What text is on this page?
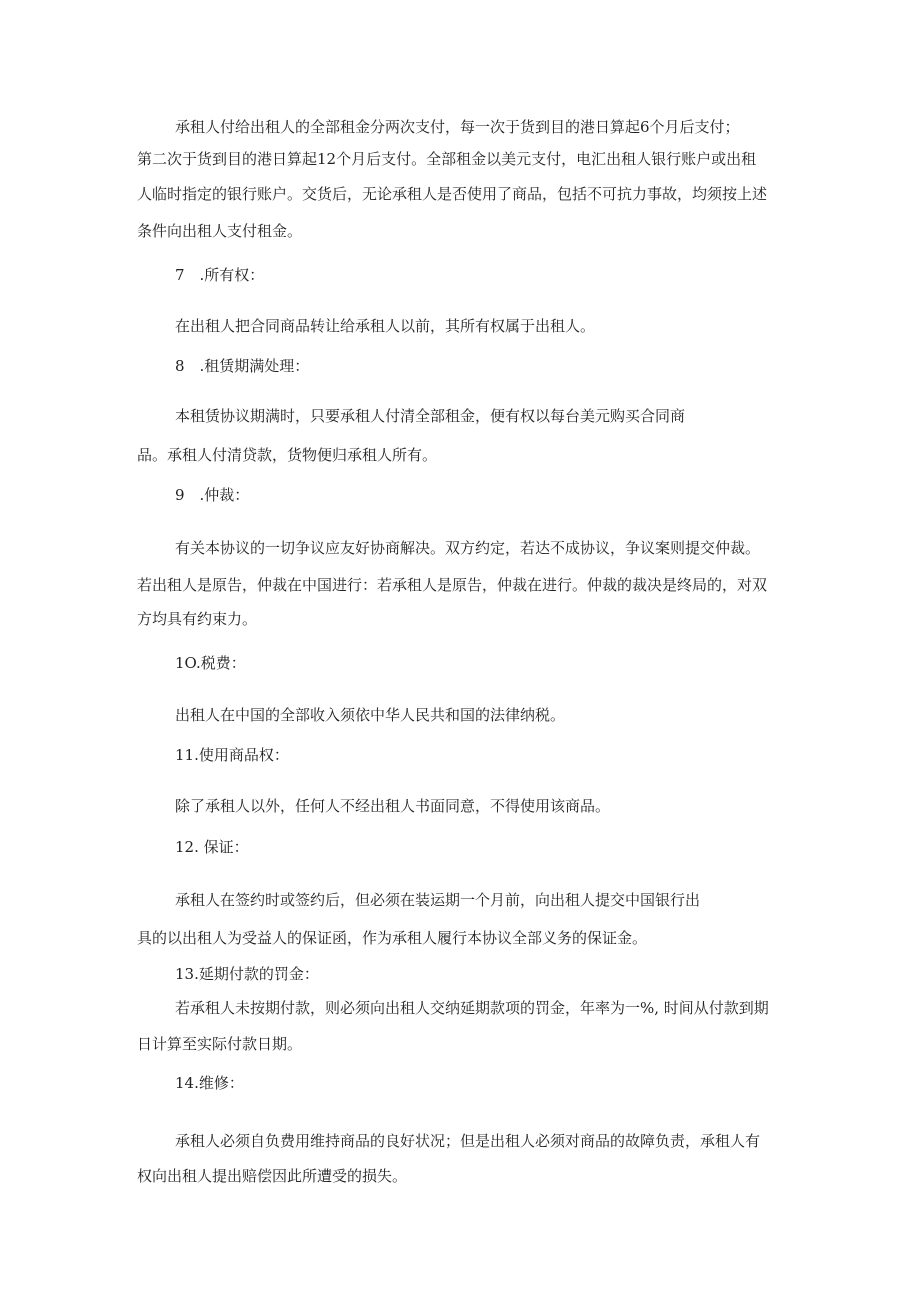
承租人付给出租人的全部租金分两次支付，每一次于货到目的港日算起6个月后支付；
第二次于货到目的港日算起12个月后支付。全部租金以美元支付，电汇出租人银行账户或出租
人临时指定的银行账户。交货后，无论承租人是否使用了商品，包括不可抗力事故，均须按上述
条件向出租人支付租金。
7　.所有权：
在出租人把合同商品转让给承租人以前，其所有权属于出租人。
8　.租赁期满处理：
本租赁协议期满时，只要承租人付清全部租金，便有权以每台美元购买合同商
品。承租人付清贷款，货物便归承租人所有。
9　.仲裁：
有关本协议的一切争议应友好协商解决。双方约定，若达不成协议，争议案则提交仲裁。
若出租人是原告，仲裁在中国进行：若承租人是原告，仲裁在进行。仲裁的裁决是终局的，对双
方均具有约束力。
1O.税费：
出租人在中国的全部收入须依中华人民共和国的法律纳税。
11.使用商品权：
除了承租人以外，任何人不经出租人书面同意，不得使用该商品。
12. 保证：
承租人在签约时或签约后，但必须在装运期一个月前，向出租人提交中国银行出
具的以出租人为受益人的保证函，作为承租人履行本协议全部义务的保证金。
13.延期付款的罚金：
若承租人未按期付款，则必须向出租人交纳延期款项的罚金，年率为一%, 时间从付款到期
日计算至实际付款日期。
14.维修：
承租人必须自负费用维持商品的良好状况；但是出租人必须对商品的故障负责，承租人有
权向出租人提出赔偿因此所遭受的损失。
